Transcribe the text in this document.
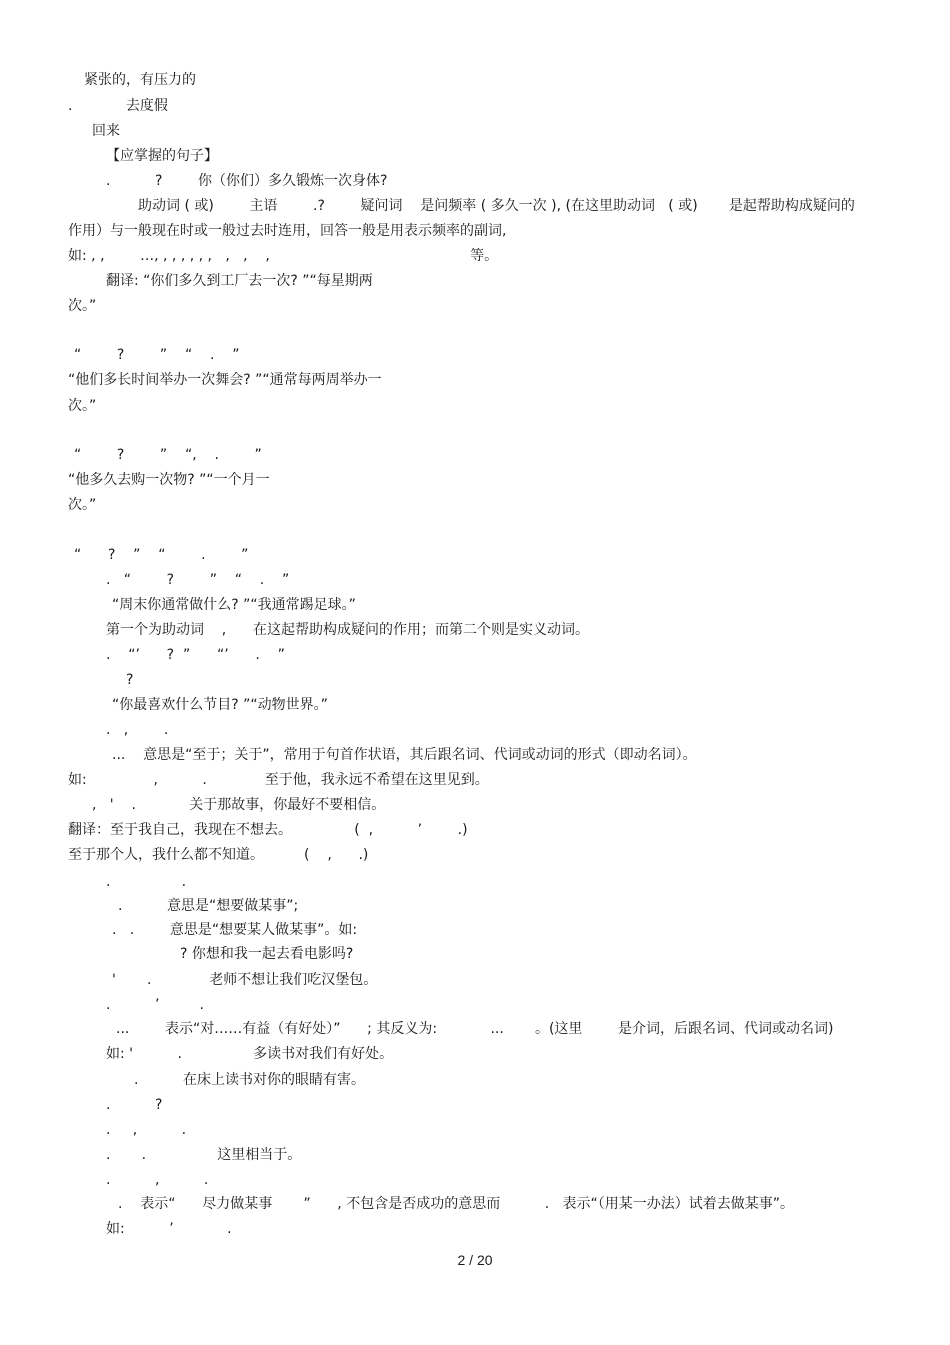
紧张的，有压力的
.            去度假
回来
【应掌握的句子】
.          ?        你（你们）多久锻炼一次身体?
助动词 ( 或)        主语        .?        疑问词    是问频率 ( 多久一次 ), (在这里助动词   ( 或)       是起帮助构成疑问的
作用）与一般现在时或一般过去时连用，回答一般是用表示频率的副词,
如: , ,        …, , , , , , ,   ,   ,    ,                                             等。
翻译: “你们多久到工厂去一次? ”“每星期两
次。”
“        ?        ”    “    .    ”
“他们多长时间举办一次舞会? ”“通常每两周举办一
次。”
“        ?        ”    “,    .        ”
“他多久去购一次物? ”“一个月一
次。”
“      ?    ”    “        .        ”
.   “        ?        ”    “    .    ”
“周末你通常做什么? ”“我通常踢足球。”
第一个为助动词    ,      在这起帮助构成疑问的作用；而第二个则是实义动词。
.    “’      ?  ”      “’      .    ”
?
“你最喜欢什么节目? ”“动物世界。”
.   ,        .
...    意思是“至于；关于”，常用于句首作状语，其后跟名词、代词或动词的形式（即动名词）。
如:               ,          .             至于他，我永远不希望在这里见到。
,   '    .            关于那故事，你最好不要相信。
翻译：至于我自己，我现在不想去。              (  ,          ’        .)
至于那个人，我什么都不知道。         (    ,      .)
.                .
.          意思是“想要做某事”;
.   .        意思是“想要某人做某事”。如:
? 你想和我一起去看电影吗?
'       .             老师不想让我们吃汉堡包。
.          ’         .
...        表示“对……有益（有好处）”      ; 其反义为:            ...       。(这里        是介词，后跟名词、代词或动名词)
如: '          .                多读书对我们有好处。
.          在床上读书对你的眼睛有害。
.          ?
.     ,          .
.       .                这里相当于。
.          ,          .
.    表示“      尽力做某事       ”      , 不包含是否成功的意思而          .   表示“（用某一办法）试着去做某事”。
如:          ’            .
2 / 20
